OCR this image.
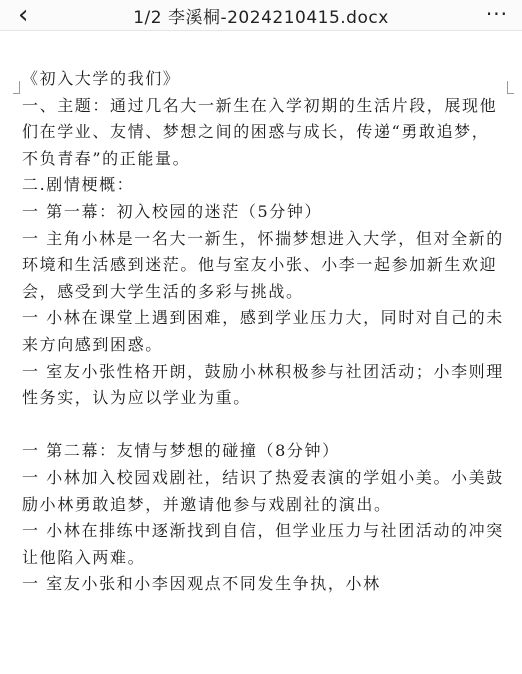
‹	1/2 李溪桐-2024210415.docx	···

《初入大学的我们》

一、主题：通过几名大一新生在入学初期的生活片段，展现他们在学业、友情、梦想之间的困惑与成长，传递“勇敢追梦，不负青春”的正能量。

二.剧情梗概：

一 第一幕：初入校园的迷茫（5分钟）

一 主角小林是一名大一新生，怀揣梦想进入大学，但对全新的环境和生活感到迷茫。他与室友小张、小李一起参加新生欢迎会，感受到大学生活的多彩与挑战。

一 小林在课堂上遇到困难，感到学业压力大，同时对自己的未来方向感到困惑。

一 室友小张性格开朗，鼓励小林积极参与社团活动；小李则理性务实，认为应以学业为重。

一 第二幕：友情与梦想的碰撞（8分钟）

一 小林加入校园戏剧社，结识了热爱表演的学姐小美。小美鼓励小林勇敢追梦，并邀请他参与戏剧社的演出。

一 小林在排练中逐渐找到自信，但学业压力与社团活动的冲突让他陷入两难。

一 室友小张和小李因观点不同发生争执，小林
